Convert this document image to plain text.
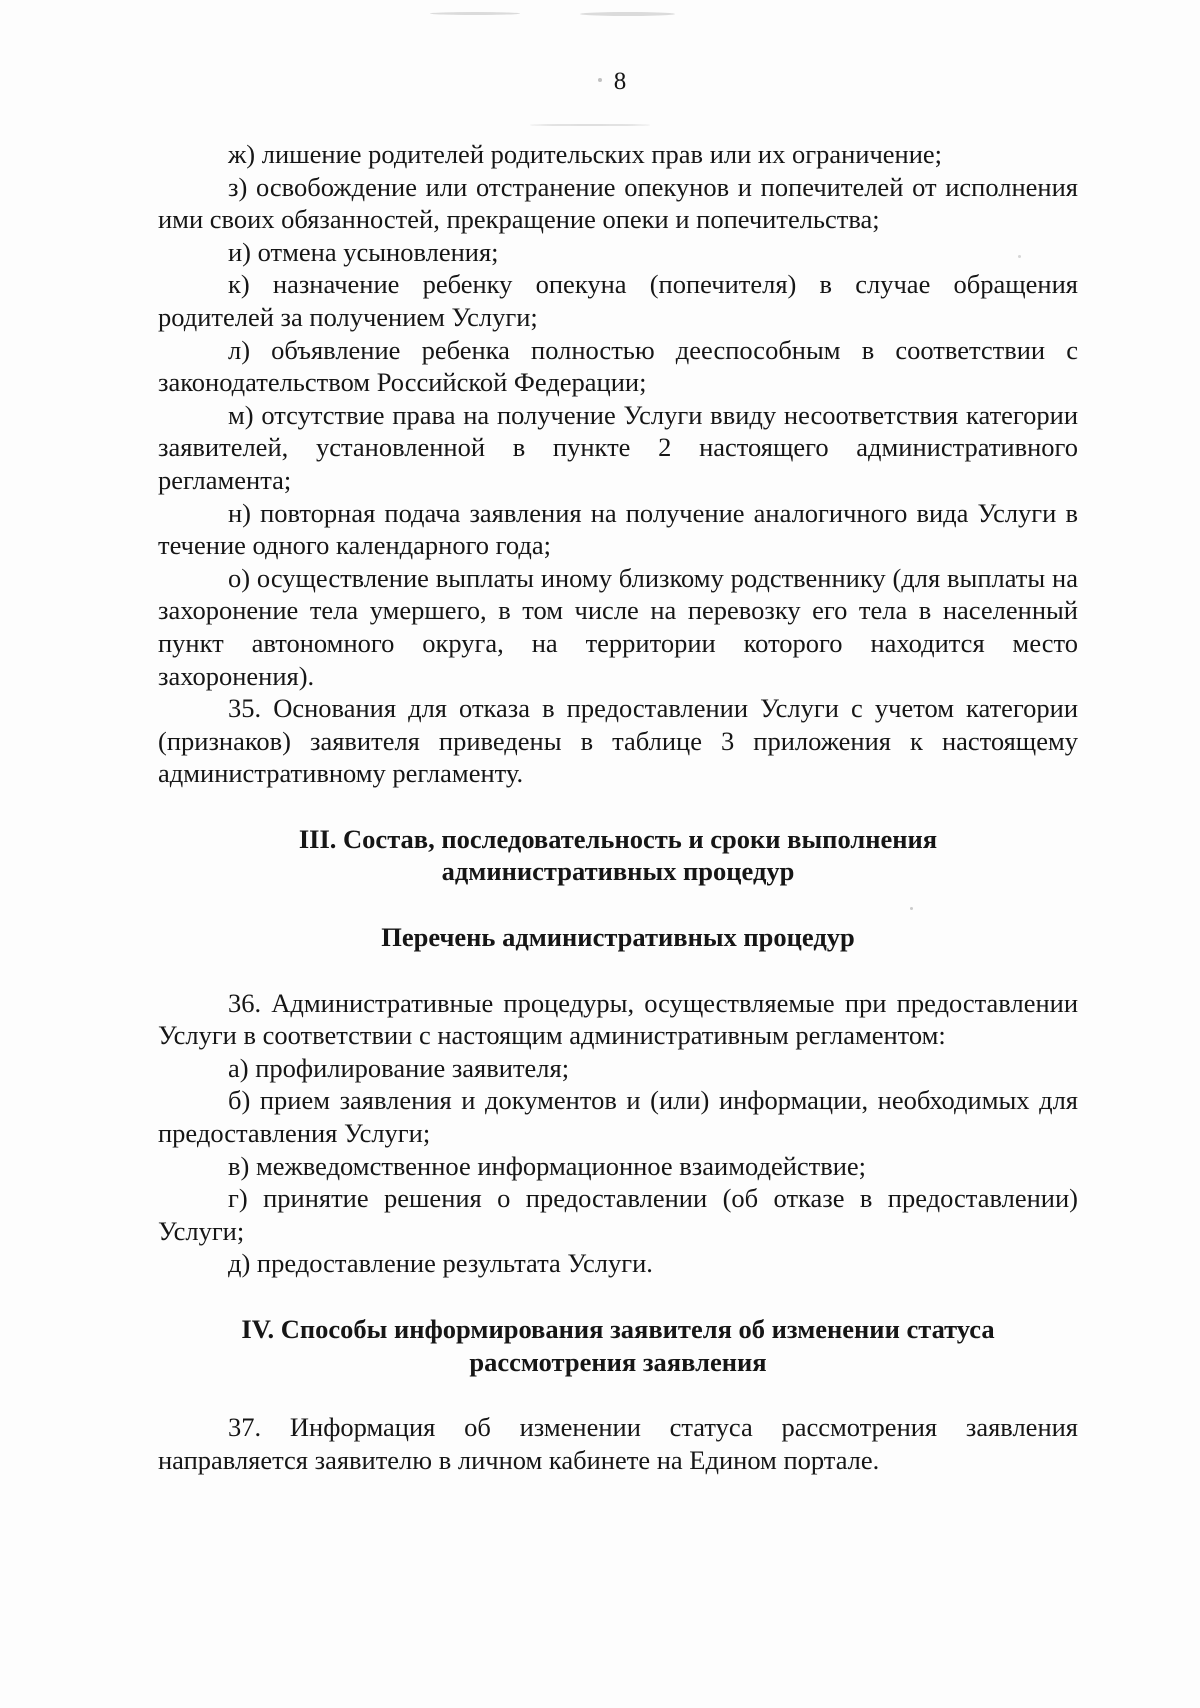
8

ж) лишение родителей родительских прав или их ограничение;

з) освобождение или отстранение опекунов и попечителей от исполнения ими своих обязанностей, прекращение опеки и попечительства;

и) отмена усыновления;

к) назначение ребенку опекуна (попечителя) в случае обращения родителей за получением Услуги;

л) объявление ребенка полностью дееспособным в соответствии с законодательством Российской Федерации;

м) отсутствие права на получение Услуги ввиду несоответствия категории заявителей, установленной в пункте 2 настоящего административного регламента;

н) повторная подача заявления на получение аналогичного вида Услуги в течение одного календарного года;

о) осуществление выплаты иному близкому родственнику (для выплаты на захоронение тела умершего, в том числе на перевозку его тела в населенный пункт автономного округа, на территории которого находится место захоронения).

35. Основания для отказа в предоставлении Услуги с учетом категории (признаков) заявителя приведены в таблице 3 приложения к настоящему административному регламенту.

III. Состав, последовательность и сроки выполнения
административных процедур
Перечень административных процедур

36. Административные процедуры, осуществляемые при предоставлении Услуги в соответствии с настоящим административным регламентом:

а) профилирование заявителя;

б) прием заявления и документов и (или) информации, необходимых для предоставления Услуги;

в) межведомственное информационное взаимодействие;

г) принятие решения о предоставлении (об отказе в предоставлении) Услуги;

д) предоставление результата Услуги.

IV. Способы информирования заявителя об изменении статуса
рассмотрения заявления

37. Информация об изменении статуса рассмотрения заявления направляется заявителю в личном кабинете на Едином портале.
